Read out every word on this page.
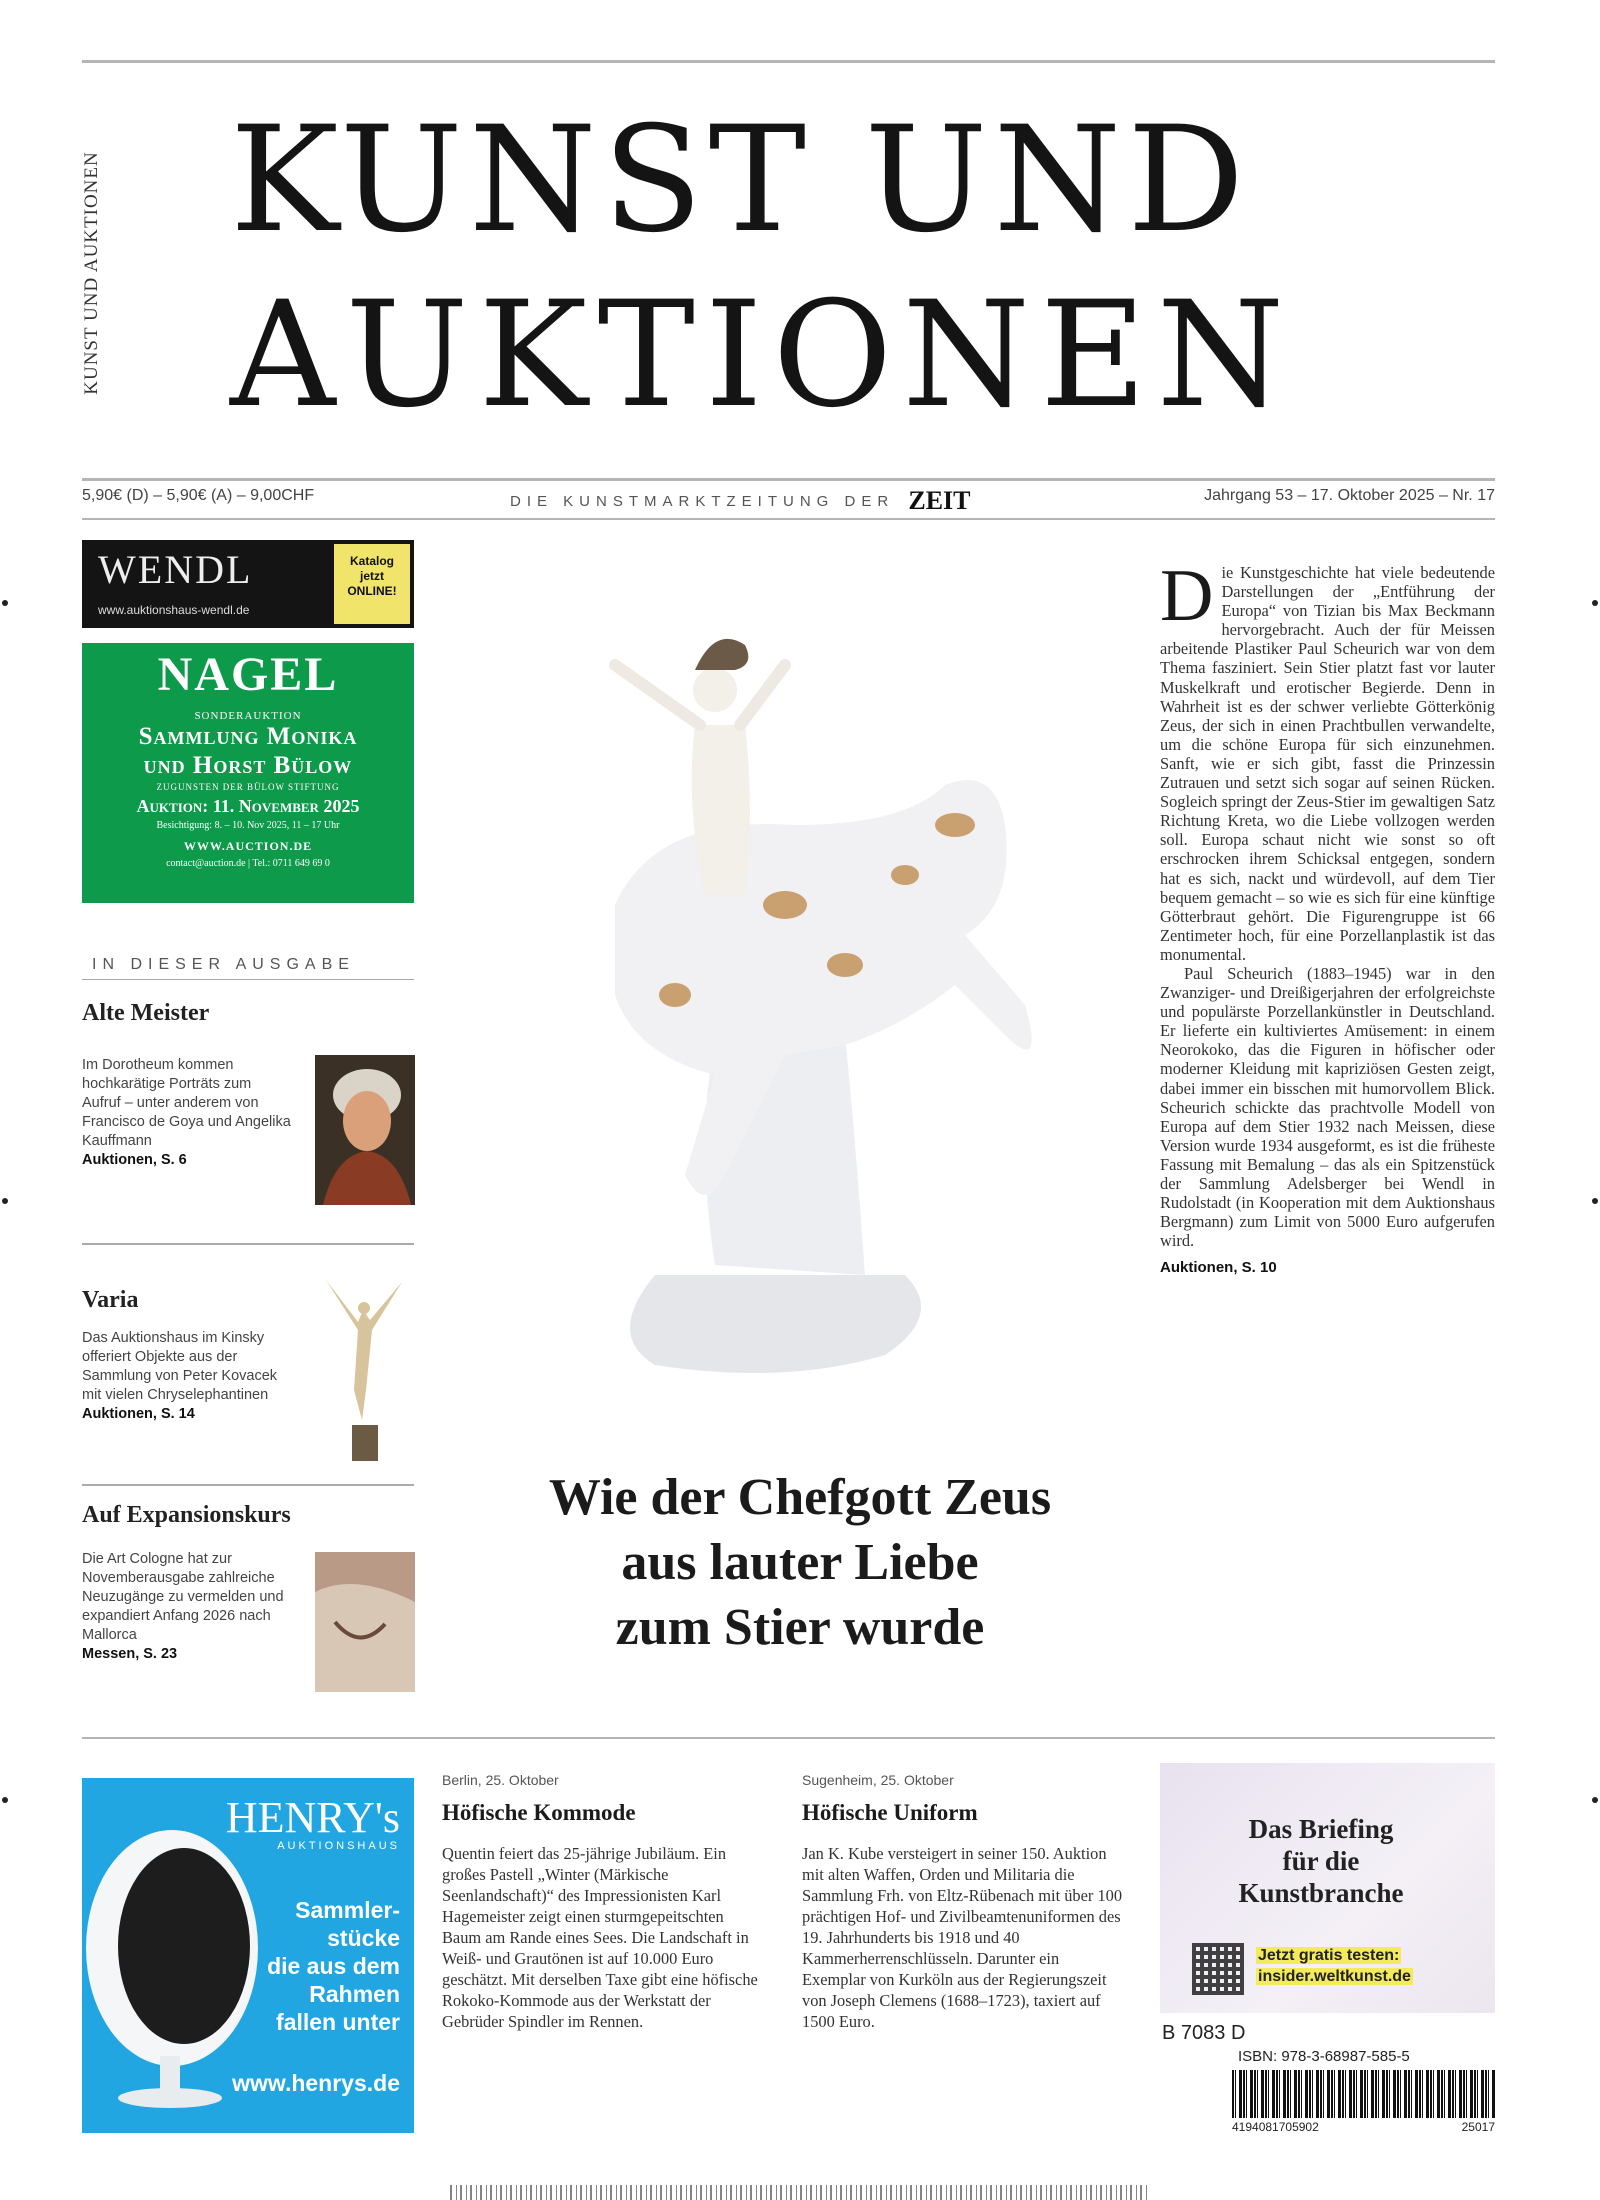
KUNST UND AUKTIONEN KUNST UND
AUKTIONEN
5,90€ (D) – 5,90€ (A) – 9,00CHF	DIE KUNSTMARKTZEITUNG DER ZEIT	Jahrgang 53 – 17. Oktober 2025 – Nr. 17
WENDL
www.auktionshaus-wendl.de
Katalog
jetzt
ONLINE!
NAGEL
SONDERAUKTION
Sammlung Monika
und Horst Bülow
ZUGUNSTEN DER BÜLOW STIFTUNG
Auktion: 11. November 2025
Besichtigung: 8. – 10. Nov 2025, 11 – 17 Uhr
WWW.AUCTION.DE
contact@auction.de | Tel.: 0711 649 69 0
IN DIESER AUSGABE
Alte Meister
Im Dorotheum kommen hochkarätige Porträts zum Aufruf – unter anderem von Francisco de Goya und Angelika Kauffmann
Auktionen, S. 6
Varia
Das Auktionshaus im Kinsky offeriert Objekte aus der Sammlung von Peter Kovacek mit vielen Chryselephantinen
Auktionen, S. 14
Auf Expansionskurs
Die Art Cologne hat zur Novemberausgabe zahlreiche Neuzugänge zu vermelden und expandiert Anfang 2026 nach Mallorca
Messen, S. 23
Wie der Chefgott Zeus
aus lauter Liebe
zum Stier wurde

Die Kunstgeschichte hat viele bedeutende Darstellungen der „Entführung der Europa“ von Tizian bis Max Beckmann hervorgebracht. Auch der für Meissen arbeitende Plastiker Paul Scheurich war von dem Thema fasziniert. Sein Stier platzt fast vor lauter Muskelkraft und erotischer Begierde. Denn in Wahrheit ist es der schwer verliebte Götterkönig Zeus, der sich in einen Prachtbullen verwandelte, um die schöne Europa für sich einzunehmen. Sanft, wie er sich gibt, fasst die Prinzessin Zutrauen und setzt sich sogar auf seinen Rücken. Sogleich springt der Zeus-Stier im gewaltigen Satz Richtung Kreta, wo die Liebe vollzogen werden soll. Europa schaut nicht wie sonst so oft erschrocken ihrem Schicksal entgegen, sondern hat es sich, nackt und würdevoll, auf dem Tier bequem gemacht – so wie es sich für eine künftige Götterbraut gehört. Die Figurengruppe ist 66 Zentimeter hoch, für eine Porzellanplastik ist das monumental.

Paul Scheurich (1883–1945) war in den Zwanziger- und Dreißigerjahren der erfolgreichste und populärste Porzellankünstler in Deutschland. Er lieferte ein kultiviertes Amüsement: in einem Neorokoko, das die Figuren in höfischer oder moderner Kleidung mit kapriziösen Gesten zeigt, dabei immer ein bisschen mit humorvollem Blick. Scheurich schickte das prachtvolle Modell von Europa auf dem Stier 1932 nach Meissen, diese Version wurde 1934 ausgeformt, es ist die früheste Fassung mit Bemalung – das als ein Spitzenstück der Sammlung Adelsberger bei Wendl in Rudolstadt (in Kooperation mit dem Auktionshaus Bergmann) zum Limit von 5000 Euro aufgerufen wird.

Auktionen, S. 10
HENRY's
AUKTIONSHAUS
Sammler-
stücke
die aus dem
Rahmen
fallen unter
www.henrys.de
Berlin, 25. Oktober
Höfische Kommode
Quentin feiert das 25-jährige Jubiläum. Ein großes Pastell „Winter (Märkische Seenlandschaft)“ des Impressionisten Karl Hagemeister zeigt einen sturmgepeitschten Baum am Rande eines Sees. Die Landschaft in Weiß- und Grautönen ist auf 10.000 Euro geschätzt. Mit derselben Taxe gibt eine höfische Rokoko-Kommode aus der Werkstatt der Gebrüder Spindler im Rennen.
Sugenheim, 25. Oktober
Höfische Uniform
Jan K. Kube versteigert in seiner 150. Auktion mit alten Waffen, Orden und Militaria die Sammlung Frh. von Eltz-Rübenach mit über 100 prächtigen Hof- und Zivilbeamtenuniformen des 19. Jahrhunderts bis 1918 und 40 Kammerherrenschlüsseln. Darunter ein Exemplar von Kurköln aus der Regierungszeit von Joseph Clemens (1688–1723), taxiert auf 1500 Euro.
Das Briefing
für die
Kunstbranche
Jetzt gratis testen:
insider.weltkunst.de
B 7083 D
ISBN: 978-3-68987-585-5
4194081705902	25017
